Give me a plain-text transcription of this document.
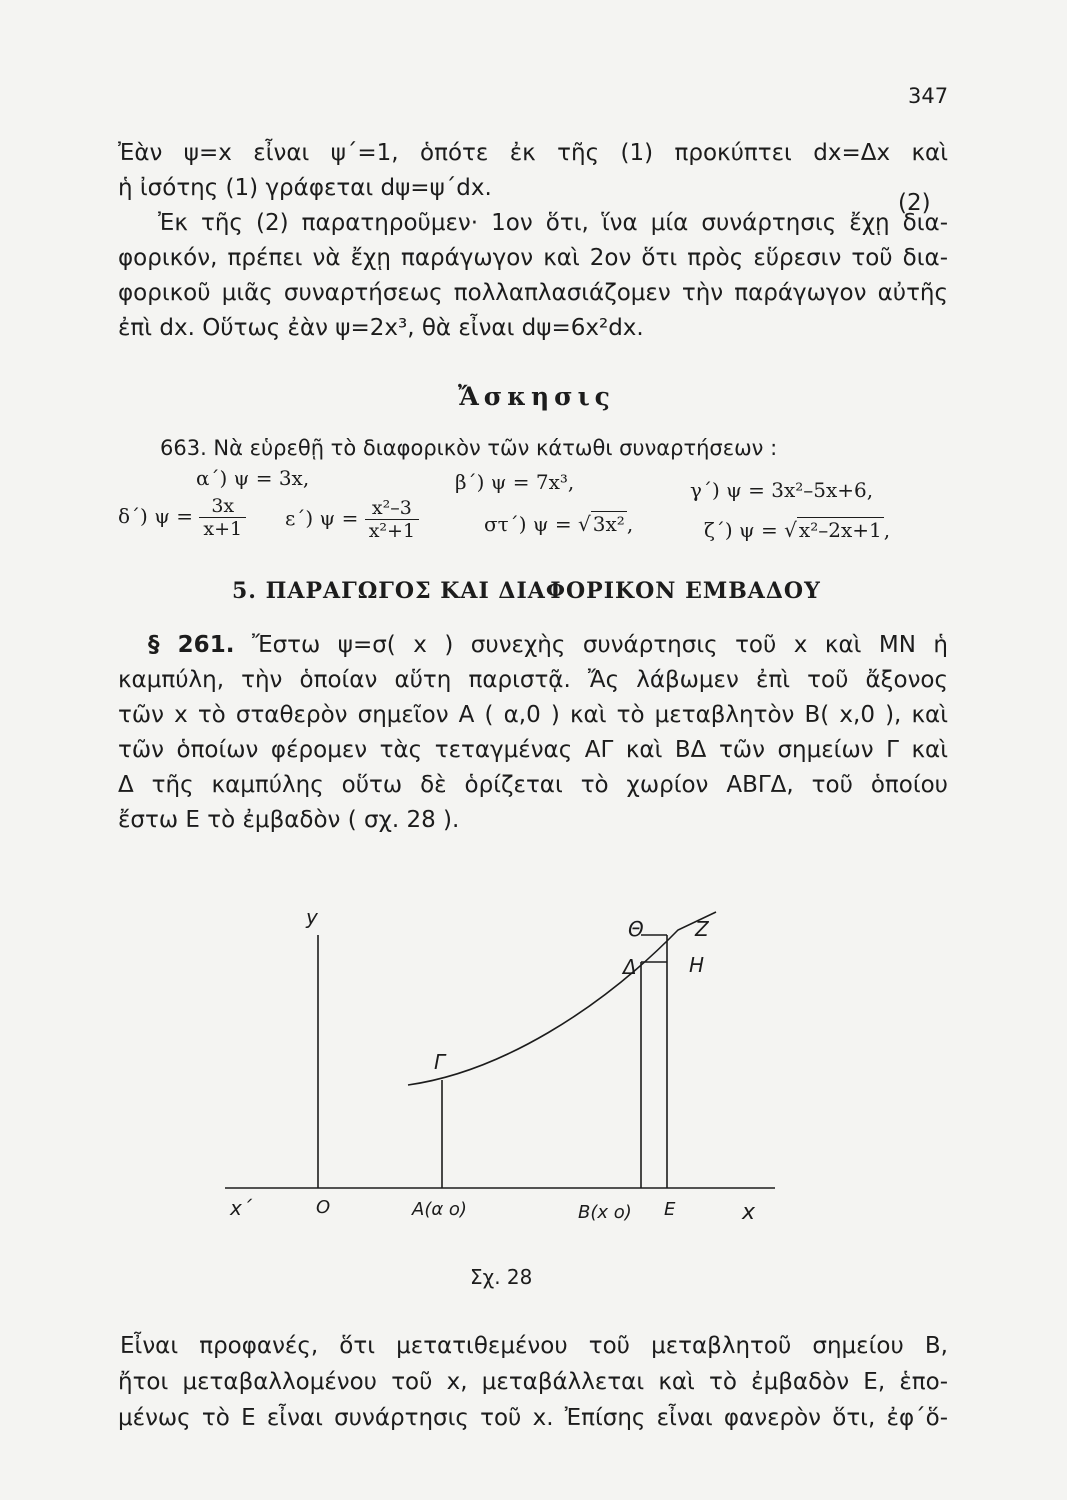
347
Ἐὰν ψ=x εἶναι ψ΄=1, ὁπότε ἐκ τῆς (1) προκύπτει dx=Δx καὶ
ἡ ἰσότης (1) γράφεται dψ=ψ΄dx.
Ἐκ τῆς (2) παρατηροῦμεν· 1ον ὅτι, ἵνα μία συνάρτησις ἔχῃ δια-
φορικόν, πρέπει νὰ ἔχῃ παράγωγον καὶ 2ον ὅτι πρὸς εὕρεσιν τοῦ δια-
φορικοῦ μιᾶς συναρτήσεως πολλαπλασιάζομεν τὴν παράγωγον αὐτῆς
ἐπὶ dx. Οὕτως ἐὰν ψ=2x³, θὰ εἶναι dψ=6x²dx.
(2)
Ἄσκησις
663. Νὰ εὑρεθῇ τὸ διαφορικὸν τῶν κάτωθι συναρτήσεων :
α΄) ψ = 3x,	β΄) ψ = 7x³,	γ΄) ψ = 3x²–5x+6,
δ΄) $\psi = \frac{3x}{x+1} \varepsilon΄$) $\psi = \frac{\text{x²–3}}{\text{x²+1}}$	στ΄) ψ = √ 3x² ,	ζ΄) ψ = √ x²–2x+1 ,
5. ΠΑΡΑΓΩΓΟΣ ΚΑΙ ΔΙΑΦΟΡΙΚΟΝ ΕΜΒΑΔΟΥ
§ 261. Ἔστω ψ=σ( x ) συνεχὴς συνάρτησις τοῦ x καὶ MN ἡ
καμπύλη, τὴν ὁποίαν αὕτη παριστᾷ. Ἄς λάβωμεν ἐπὶ τοῦ ἄξονος
τῶν x τὸ σταθερὸν σημεῖον Α ( α,0 ) καὶ τὸ μεταβλητὸν Β( x,0 ), καὶ
τῶν ὁποίων φέρομεν τὰς τεταγμένας ΑΓ καὶ ΒΔ τῶν σημείων Γ καὶ
Δ τῆς καμπύλης οὕτω δὲ ὁρίζεται τὸ χωρίον ΑΒΓΔ, τοῦ ὁποίου
ἔστω Ε τὸ ἐμβαδὸν ( σχ. 28 ).
y	Θ	Z
Δ	H
Γ
x΄	O	A(α o)	B(x o) E	x
Σχ. 28
Εἶναι προφανές, ὅτι μετατιθεμένου τοῦ μεταβλητοῦ σημείου Β,
ἤτοι μεταβαλλομένου τοῦ x, μεταβάλλεται καὶ τὸ ἐμβαδὸν Ε, ἑπο-
μένως τὸ Ε εἶναι συνάρτησις τοῦ x. Ἐπίσης εἶναι φανερὸν ὅτι, ἐφ΄ὅ-
